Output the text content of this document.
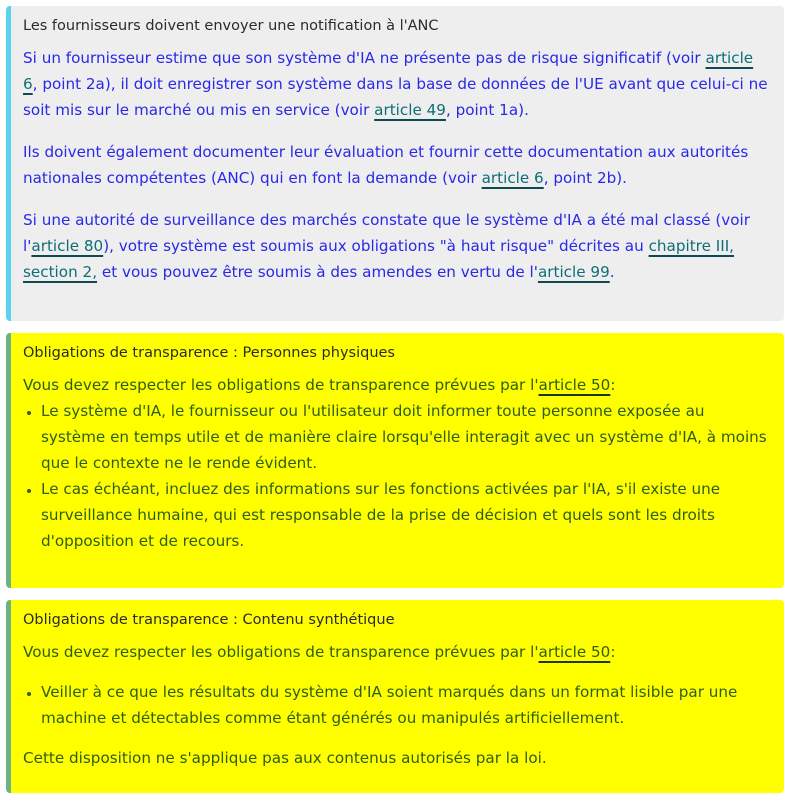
Les fournisseurs doivent envoyer une notification à l'ANC

Si un fournisseur estime que son système d'IA ne présente pas de risque significatif (voir article 6, point 2a), il doit enregistrer son système dans la base de données de l'UE avant que celui-ci ne soit mis sur le marché ou mis en service (voir article 49, point 1a).

Ils doivent également documenter leur évaluation et fournir cette documentation aux autorités nationales compétentes (ANC) qui en font la demande (voir article 6, point 2b).

Si une autorité de surveillance des marchés constate que le système d'IA a été mal classé (voir l'article 80), votre système est soumis aux obligations "à haut risque" décrites au chapitre III, section 2, et vous pouvez être soumis à des amendes en vertu de l'article 99.

Obligations de transparence : Personnes physiques

Vous devez respecter les obligations de transparence prévues par l'article 50:

• Le système d'IA, le fournisseur ou l'utilisateur doit informer toute personne exposée au système en temps utile et de manière claire lorsqu'elle interagit avec un système d'IA, à moins que le contexte ne le rende évident.
• Le cas échéant, incluez des informations sur les fonctions activées par l'IA, s'il existe une surveillance humaine, qui est responsable de la prise de décision et quels sont les droits d'opposition et de recours.
Obligations de transparence : Contenu synthétique

Vous devez respecter les obligations de transparence prévues par l'article 50:

• Veiller à ce que les résultats du système d'IA soient marqués dans un format lisible par une machine et détectables comme étant générés ou manipulés artificiellement.

Cette disposition ne s'applique pas aux contenus autorisés par la loi.
